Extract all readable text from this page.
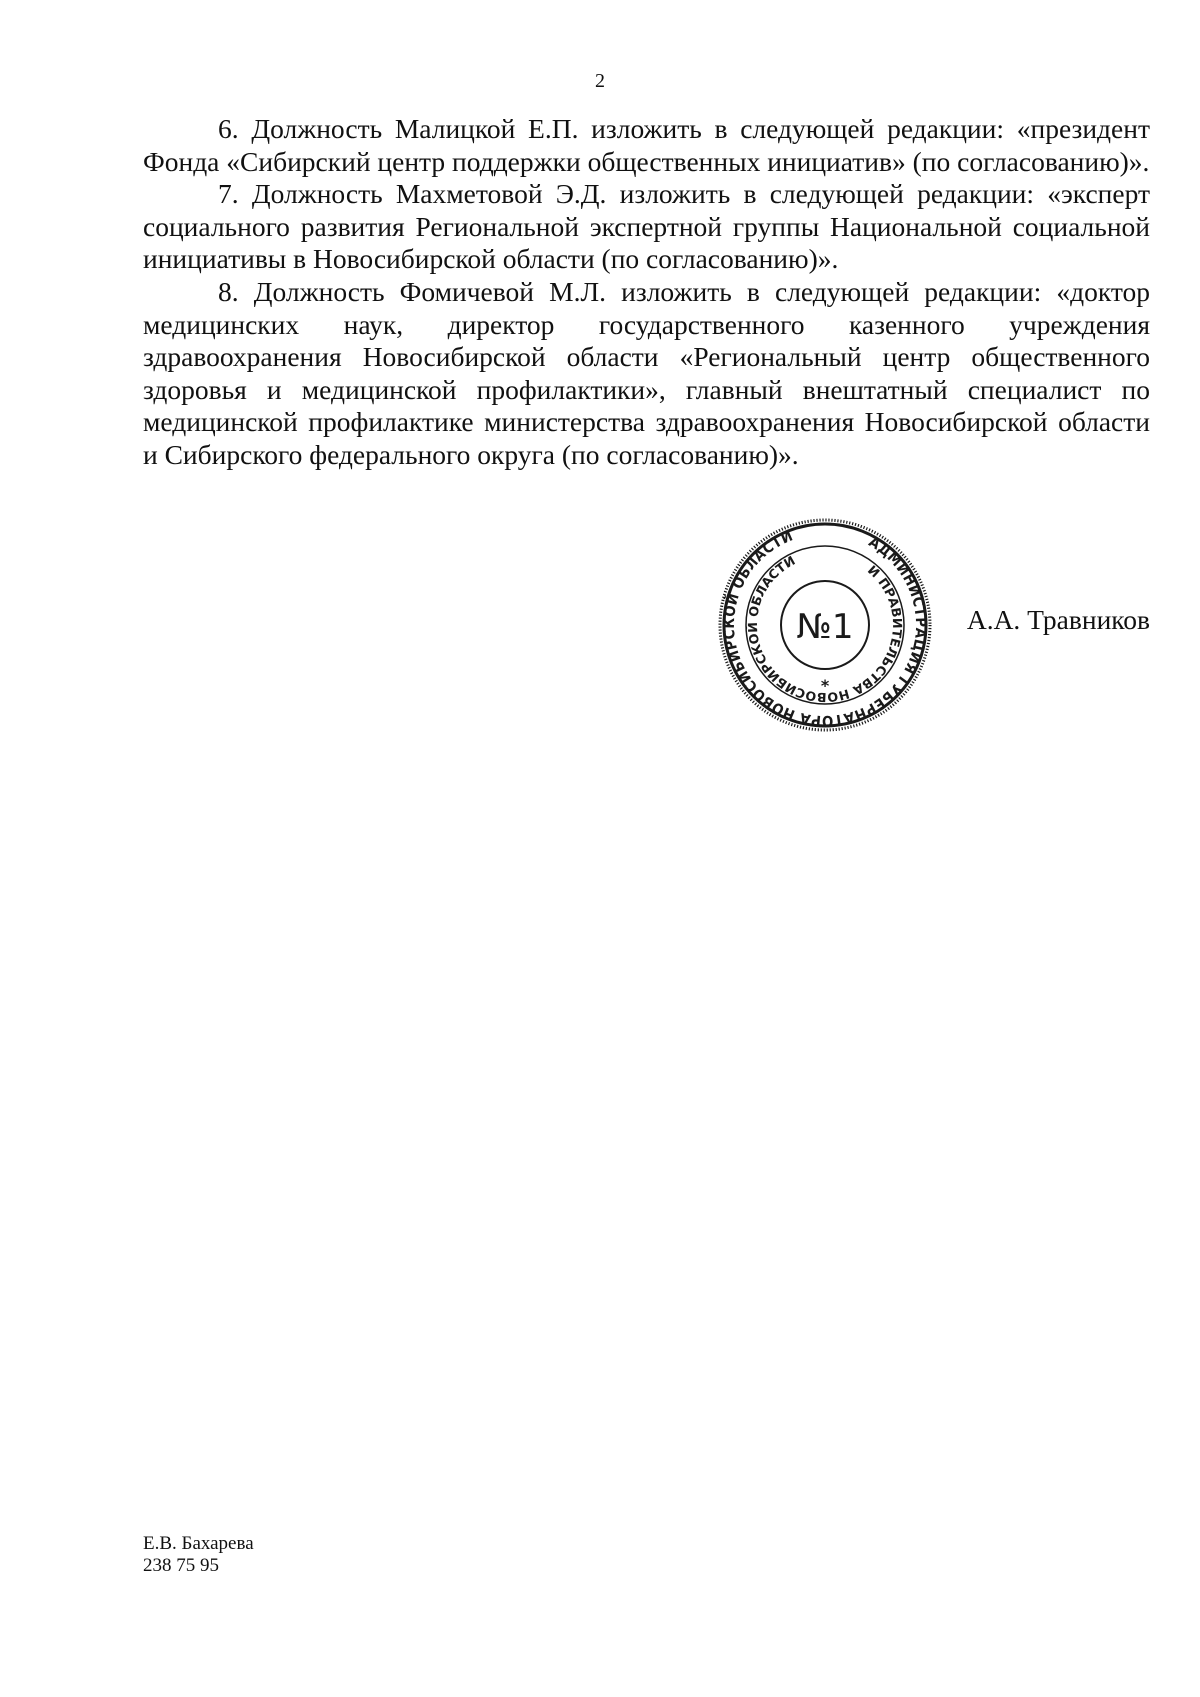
2

6. Должность Малицкой Е.П. изложить в следующей редакции: «президент Фонда «Сибирский центр поддержки общественных инициатив» (по согласованию)».

7. Должность Махметовой Э.Д. изложить в следующей редакции: «эксперт социального развития Региональной экспертной группы Национальной социальной инициативы в Новосибирской области (по согласованию)».

8. Должность Фомичевой М.Л. изложить в следующей редакции: «доктор медицинских наук, директор государственного казенного учреждения здравоохранения Новосибирской области «Региональный центр общественного здоровья и медицинской профилактики», главный внештатный специалист по медицинской профилактике министерства здравоохранения Новосибирской области и Сибирского федерального округа (по согласованию)».

АДМИНИСТРАЦИЯ ГУБЕРНАТОРА НОВОСИБИРСКОЙ ОБЛАСТИ
И ПРАВИТЕЛЬСТВА НОВОСИБИРСКОЙ ОБЛАСТИ
*
№1	А.А. Травников
Е.В. Бахарева
238 75 95
